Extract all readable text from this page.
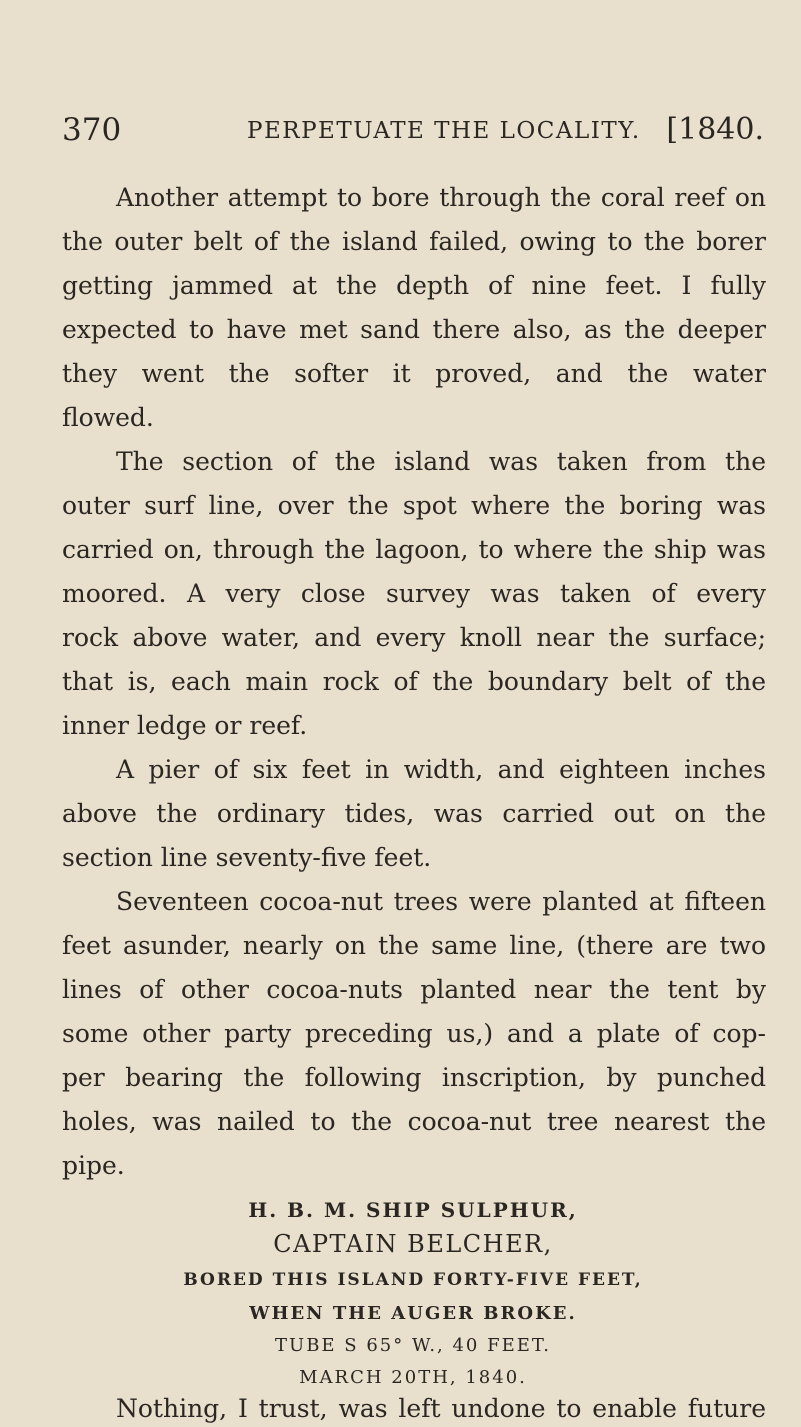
370	PERPETUATE THE LOCALITY. [1840.
Another attempt to bore through the coral reef on
the outer belt of the island failed, owing to the borer
getting jammed at the depth of nine feet. I fully
expected to have met sand there also, as the deeper
they went the softer it proved, and the water
flowed.
The section of the island was taken from the
outer surf line, over the spot where the boring was
carried on, through the lagoon, to where the ship was
moored. A very close survey was taken of every
rock above water, and every knoll near the surface;
that is, each main rock of the boundary belt of the
inner ledge or reef.
A pier of six feet in width, and eighteen inches
above the ordinary tides, was carried out on the
section line seventy-five feet.
Seventeen cocoa-nut trees were planted at fifteen
feet asunder, nearly on the same line, (there are two
lines of other cocoa-nuts planted near the tent by
some other party preceding us,) and a plate of cop-
per bearing the following inscription, by punched
holes, was nailed to the cocoa-nut tree nearest the
pipe.
H. B. M. SHIP SULPHUR,
CAPTAIN BELCHER,
BORED THIS ISLAND FORTY-FIVE FEET,
WHEN THE AUGER BROKE.
TUBE S 65° W., 40 FEET.
MARCH 20TH, 1840.
Nothing, I trust, was left undone to enable future
